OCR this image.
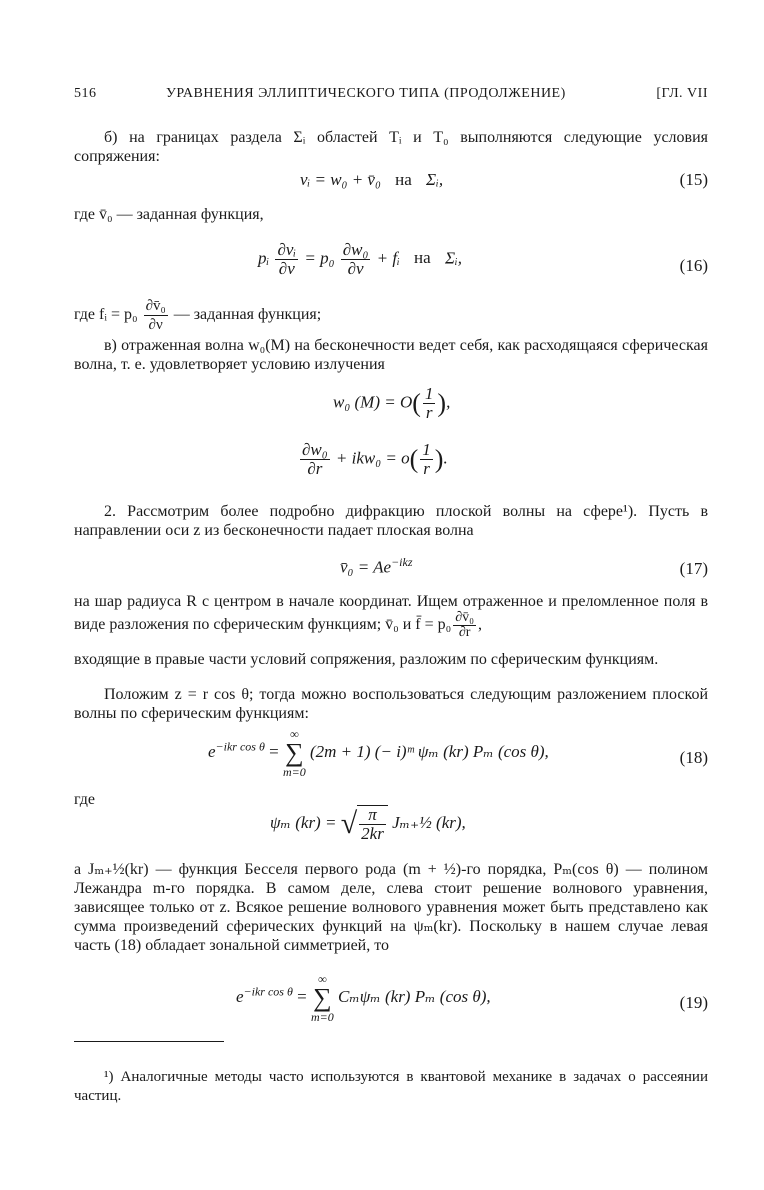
516	УРАВНЕНИЯ ЭЛЛИПТИЧЕСКОГО ТИПА (ПРОДОЛЖЕНИЕ)	[ГЛ. VII
б) на границах раздела Σᵢ областей Tᵢ и T₀ выполняются следующие условия сопряжения:
vᵢ = w₀ + v̄₀ на Σᵢ,	(15)
где v̄₀ — заданная функция,
pᵢ $\frac{\text{∂vᵢ}}{\partial\nu} = p_0 \frac{\text{∂w₀}}{\partial\nu}$ + fᵢ на Σᵢ,	(16)
где fᵢ = $p_0 \frac{\text{∂v̄₀}}{\partial\nu}$ — заданная функция;
в) отраженная волна w₀(M) на бесконечности ведет себя, как расходящаяся сферическая волна, т. е. удовлетворяет условию излучения
w₀ $(M) = O( \frac{1}{r}$ ),
$\frac{\text{∂w₀}}{\partial r} + ikw_0 = o( \frac{1}{r}$ ).
2. Рассмотрим более подробно дифракцию плоской волны на сфере¹). Пусть в направлении оси z из бесконечности падает плоская волна
v̄₀ = $Ae^{-ikz}$	(17)
на шар радиуса R с центром в начале координат. Ищем отраженное и преломленное поля в виде разложения по сферическим функциям; v̄₀ и f̄ = $p_0 \frac{\text{∂v̄₀}}{\partial r}$ ,
входящие в правые части условий сопряжения, разложим по сферическим функциям.
Положим z = r cos θ; тогда можно воспользоваться следующим разложением плоской волны по сферическим функциям:
$e^{-ikr cos \theta}$ =
∞
∑
m=0
(2m + 1) (− i)ᵐ ψₘ (kr) Pₘ (cos θ),	(18)
где
ψₘ (kr) = √ $\frac{\pi}{2kr}$ Jₘ₊½ (kr),
а Jₘ₊½(kr) — функция Бесселя первого рода (m + ½)-го порядка, Pₘ(cos θ) — полином Лежандра m-го порядка. В самом деле, слева стоит решение волнового уравнения, зависящее только от z. Всякое решение волнового уравнения может быть представлено как сумма произведений сферических функций на ψₘ(kr). Поскольку в нашем случае левая часть (18) обладает зональной симметрией, то
$e^{-ikr cos \theta}$ =
∞
∑
m=0
Cₘψₘ (kr) Pₘ (cos θ),	(19)
¹) Аналогичные методы часто используются в квантовой механике в задачах о рассеянии частиц.
